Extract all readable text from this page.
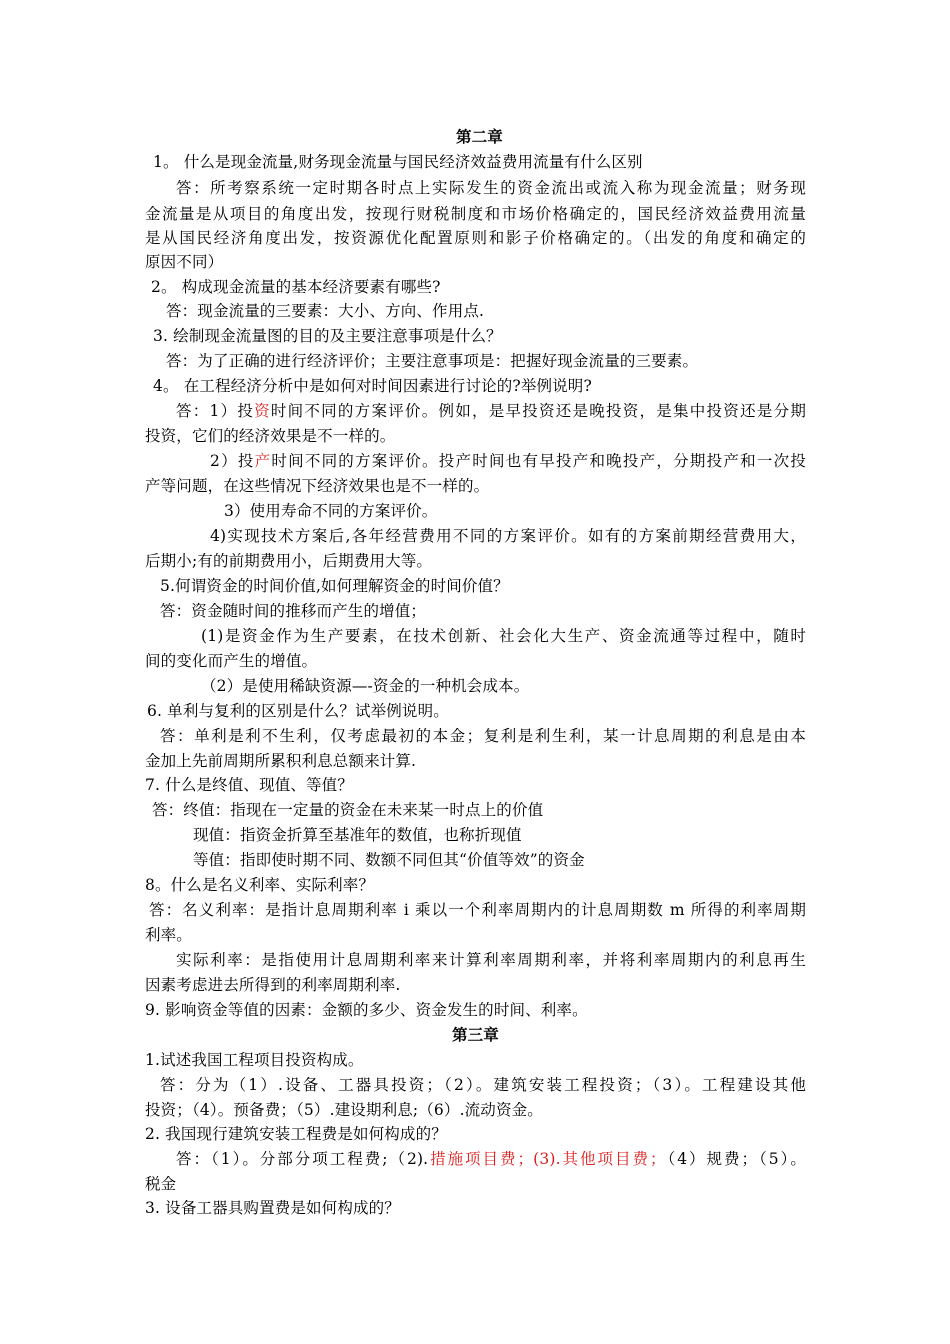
第二章
1。 什么是现金流量,财务现金流量与国民经济效益费用流量有什么区别
答：所考察系统一定时期各时点上实际发生的资金流出或流入称为现金流量；财务现
金流量是从项目的角度出发，按现行财税制度和市场价格确定的，国民经济效益费用流量
是从国民经济角度出发，按资源优化配置原则和影子价格确定的。（出发的角度和确定的
原因不同）
2。 构成现金流量的基本经济要素有哪些?
答：现金流量的三要素：大小、方向、作用点.
3. 绘制现金流量图的目的及主要注意事项是什么？
答：为了正确的进行经济评价；主要注意事项是：把握好现金流量的三要素。
4。 在工程经济分析中是如何对时间因素进行讨论的?举例说明?
答：1）投资时间不同的方案评价。例如，是早投资还是晚投资，是集中投资还是分期
投资，它们的经济效果是不一样的。
2）投产时间不同的方案评价。投产时间也有早投产和晚投产，分期投产和一次投
产等问题，在这些情况下经济效果也是不一样的。
3）使用寿命不同的方案评价。
4)实现技术方案后,各年经营费用不同的方案评价。如有的方案前期经营费用大，
后期小;有的前期费用小，后期费用大等。
5.何谓资金的时间价值,如何理解资金的时间价值？
答：资金随时间的推移而产生的增值；
(1)是资金作为生产要素，在技术创新、社会化大生产、资金流通等过程中，随时
间的变化而产生的增值。
（2）是使用稀缺资源—-资金的一种机会成本。
6. 单利与复利的区别是什么？试举例说明。
答：单利是利不生利，仅考虑最初的本金；复利是利生利，某一计息周期的利息是由本
金加上先前周期所累积利息总额来计算.
7. 什么是终值、现值、等值？
答：终值：指现在一定量的资金在未来某一时点上的价值
现值：指资金折算至基准年的数值，也称折现值
等值：指即使时期不同、数额不同但其“价值等效”的资金
8。什么是名义利率、实际利率？
答：名义利率：是指计息周期利率 i 乘以一个利率周期内的计息周期数 m 所得的利率周期
利率。
实际利率：是指使用计息周期利率来计算利率周期利率，并将利率周期内的利息再生
因素考虑进去所得到的利率周期利率.
9. 影响资金等值的因素：金额的多少、资金发生的时间、利率。
第三章
1.试述我国工程项目投资构成。
答：分为（1）.设备、工器具投资；（2）。建筑安装工程投资；（3）。工程建设其他
投资；（4）。预备费；（5）.建设期利息;（6）.流动资金。
2. 我国现行建筑安装工程费是如何构成的？
答：（1）。分部分项工程费;（2).措施项目费；(3).其他项目费；（4）规费；（5）。
税金
3. 设备工器具购置费是如何构成的？
